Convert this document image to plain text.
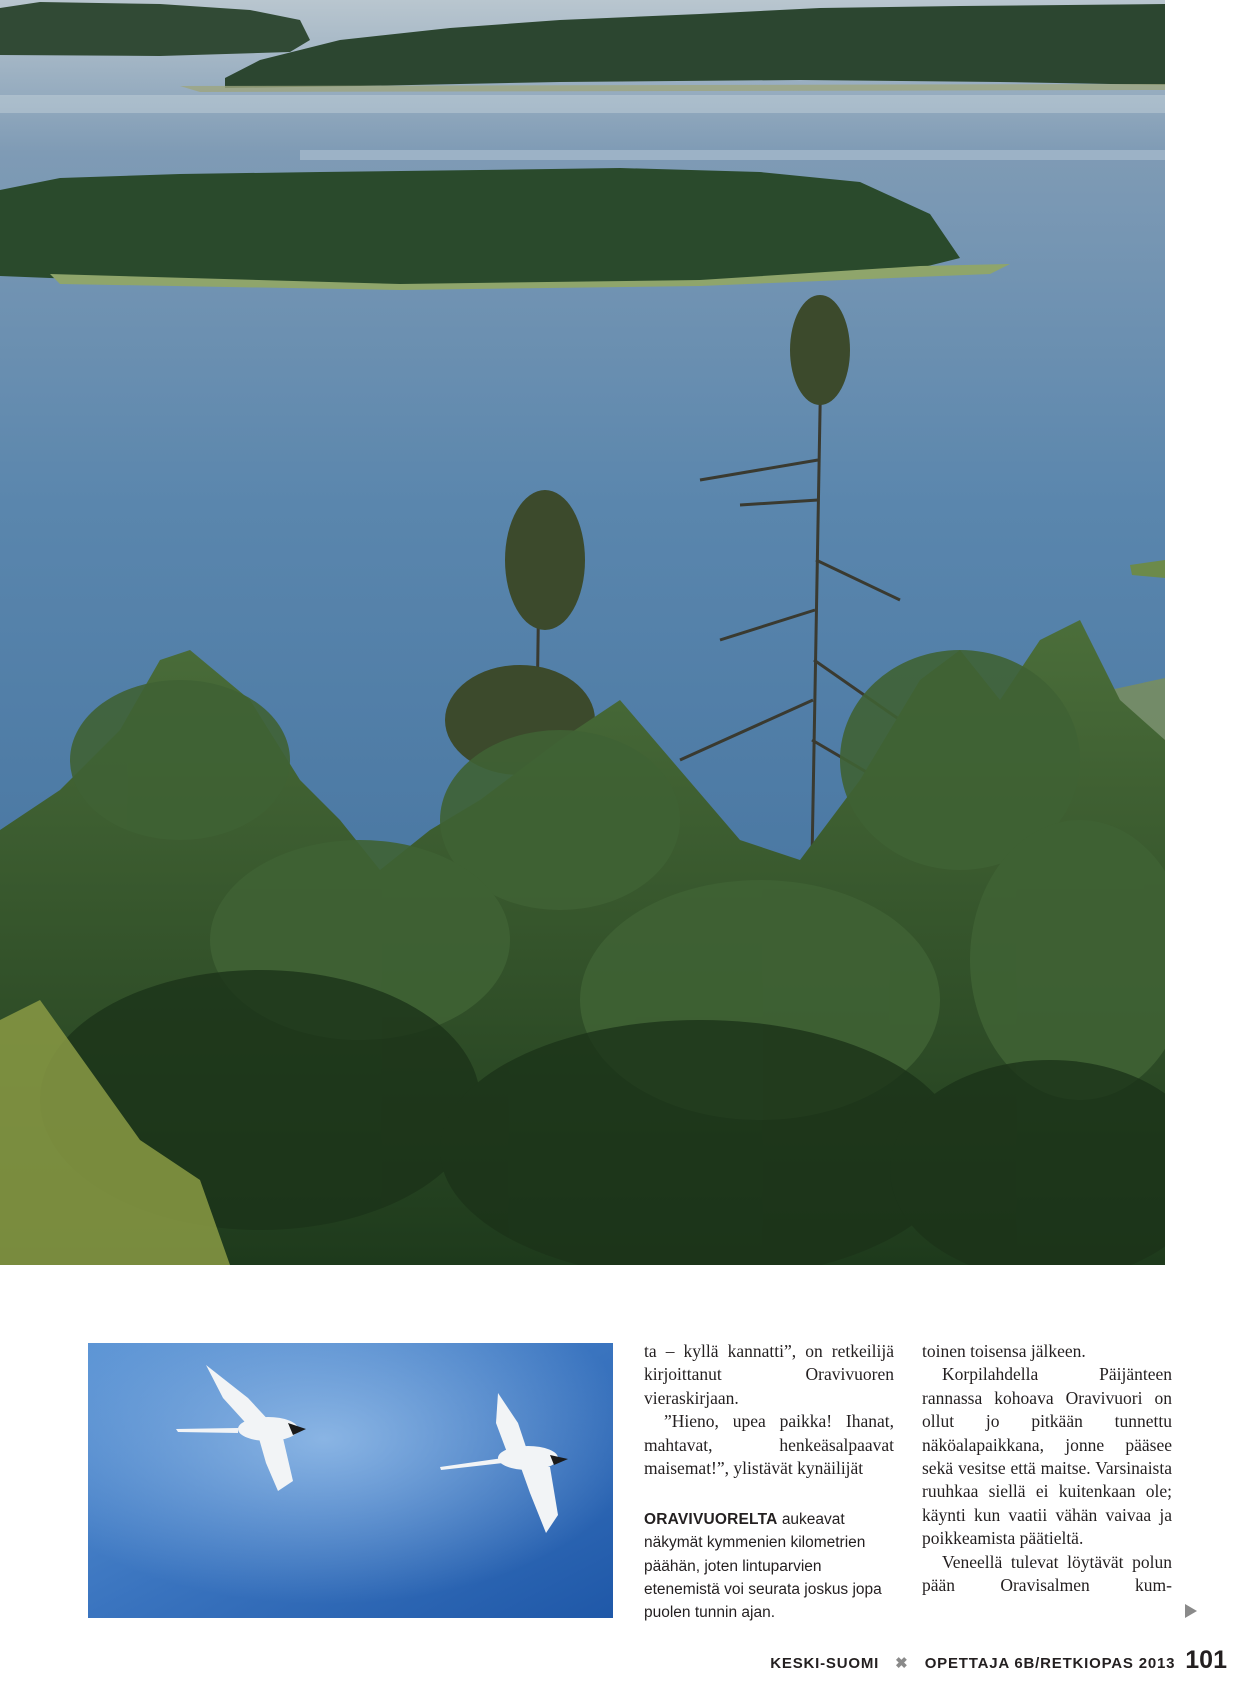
ta – kyllä kannatti”, on retkeilijä kirjoittanut Oravivuoren vieraskirjaan.

”Hieno, upea paikka! Ihanat, mahtavat, henkeäsalpaavat maisemat!”, ylistävät kynäilijät

ORAVIVUORELTA aukeavat näkymät kymmenien kilometrien päähän, joten lintuparvien etenemistä voi seurata joskus jopa puolen tunnin ajan.

toinen toisensa jälkeen.

Korpilahdella Päijänteen rannassa kohoava Oravivuori on ollut jo pitkään tunnettu näköalapaikkana, jonne pääsee sekä vesitse että maitse. Varsinaista ruuhkaa siellä ei kuitenkaan ole; käynti kun vaatii vähän vaivaa ja poikkeamista päätieltä.

Veneellä tulevat löytävät polun pään Oravisalmen kum-

KESKI-SUOMI ✖ OPETTAJA 6B/RETKIOPAS 2013 101
